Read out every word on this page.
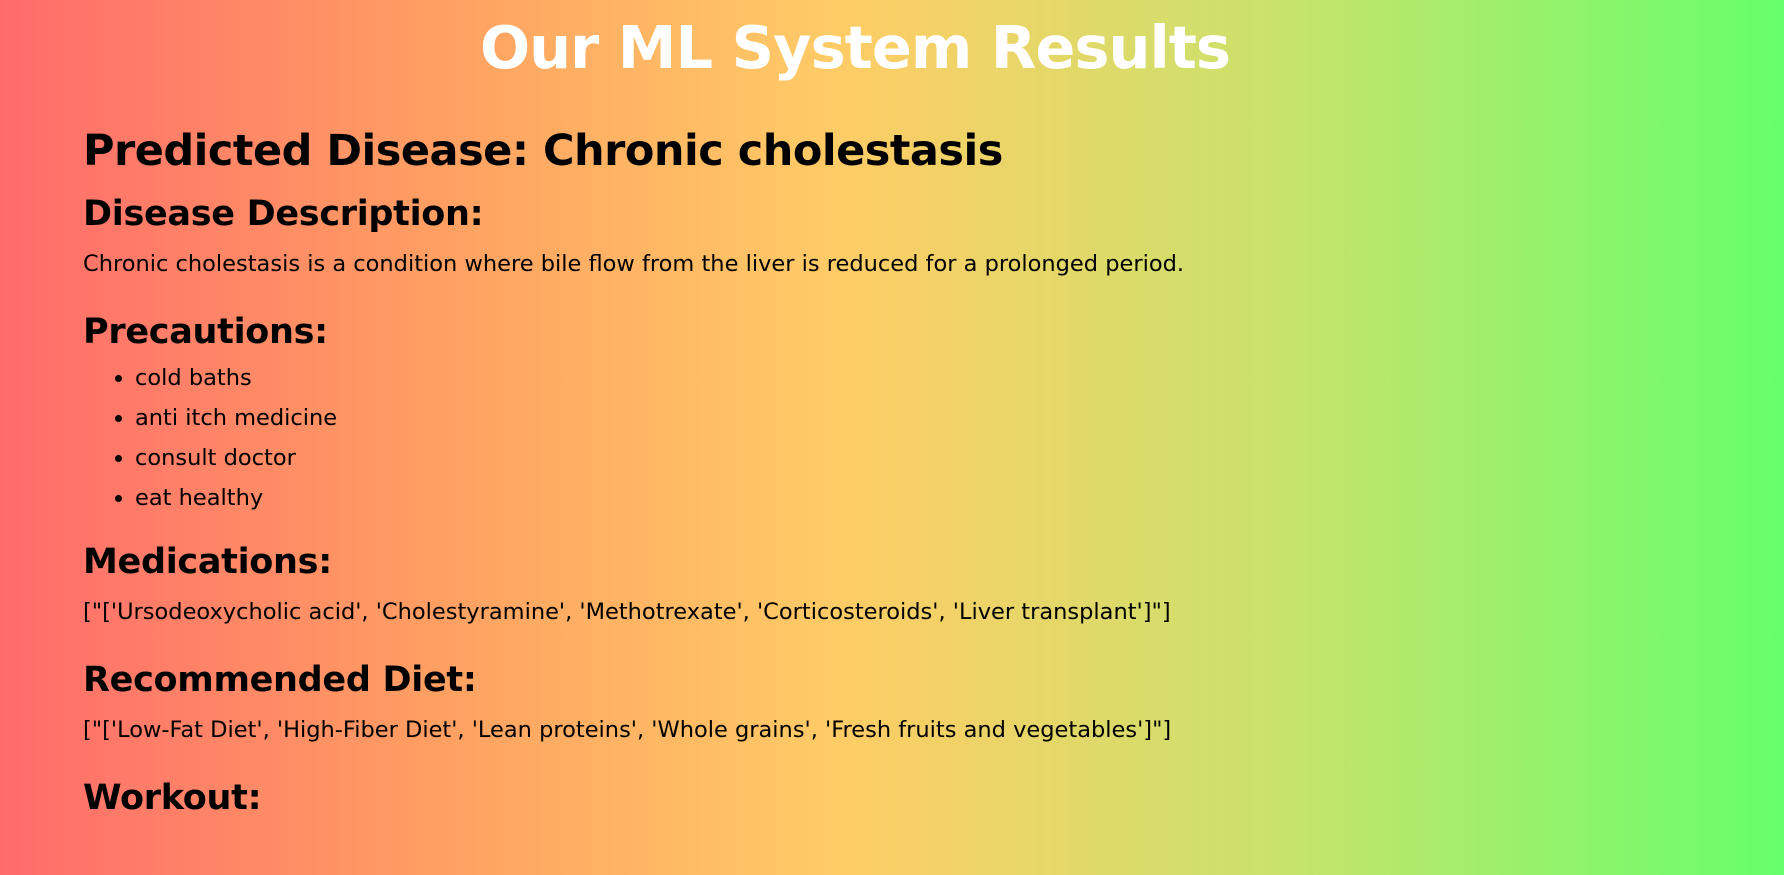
Our ML System Results
Predicted Disease: Chronic cholestasis
Disease Description:

Chronic cholestasis is a condition where bile flow from the liver is reduced for a prolonged period.

Precautions:
• cold baths
• anti itch medicine
• consult doctor
• eat healthy
Medications:

["['Ursodeoxycholic acid', 'Cholestyramine', 'Methotrexate', 'Corticosteroids', 'Liver transplant']"]

Recommended Diet:

["['Low-Fat Diet', 'High-Fiber Diet', 'Lean proteins', 'Whole grains', 'Fresh fruits and vegetables']"]

Workout:
